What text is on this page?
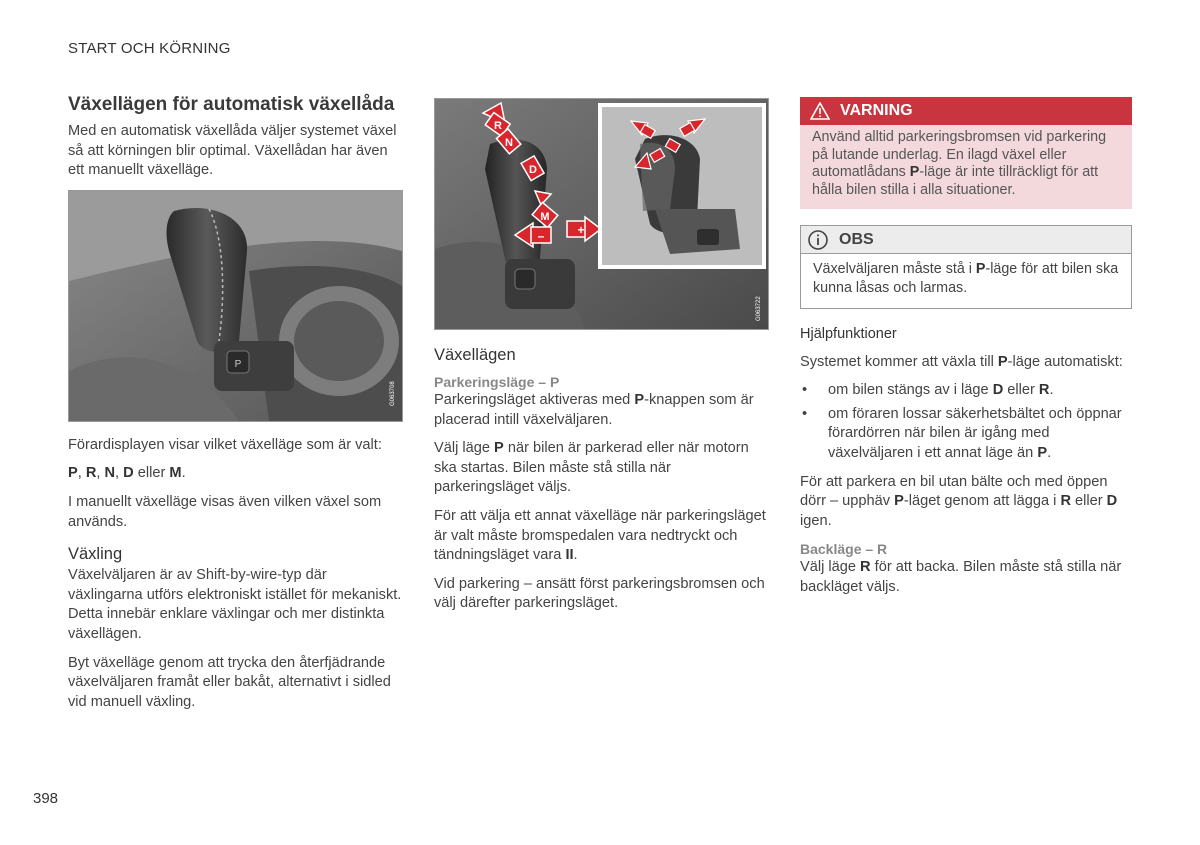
START OCH KÖRNING
Växellägen för automatisk växellåda

Med en automatisk växellåda väljer systemet växel så att körningen blir optimal. Växellådan har även ett manuellt växelläge.

P
G063708

Förardisplayen visar vilket växelläge som är valt:

P, R, N, D eller M.

I manuellt växelläge visas även vilken växel som används.

Växling

Växelväljaren är av Shift-by-wire-typ där växlingarna utförs elektroniskt istället för mekaniskt. Detta innebär enklare växlingar och mer distinkta växellägen.

Byt växelläge genom att trycka den återfjädrande växelväljaren framåt eller bakåt, alternativt i sidled vid manuell växling.

R
N
D
M
–	+
G063722
Växellägen
Parkeringsläge – P

Parkeringsläget aktiveras med P-knappen som är placerad intill växelväljaren.

Välj läge P när bilen är parkerad eller när motorn ska startas. Bilen måste stå stilla när parkeringsläget väljs.

För att välja ett annat växelläge när parkeringsläget är valt måste bromspedalen vara nedtryckt och tändningsläget vara II.

Vid parkering – ansätt först parkeringsbromsen och välj därefter parkeringsläget.

VARNING
Använd alltid parkeringsbromsen vid parkering på lutande underlag. En ilagd växel eller automatlådans P-läge är inte tillräckligt för att hålla bilen stilla i alla situationer.
OBS
Växelväljaren måste stå i P-läge för att bilen ska kunna låsas och larmas.
Hjälpfunktioner

Systemet kommer att växla till P-läge automatiskt:

• om bilen stängs av i läge D eller R.
• om föraren lossar säkerhetsbältet och öppnar förardörren när bilen är igång med växelväljaren i ett annat läge än P.

För att parkera en bil utan bälte och med öppen dörr – upphäv P-läget genom att lägga i R eller D igen.

Backläge – R

Välj läge R för att backa. Bilen måste stå stilla när backläget väljs.

398
